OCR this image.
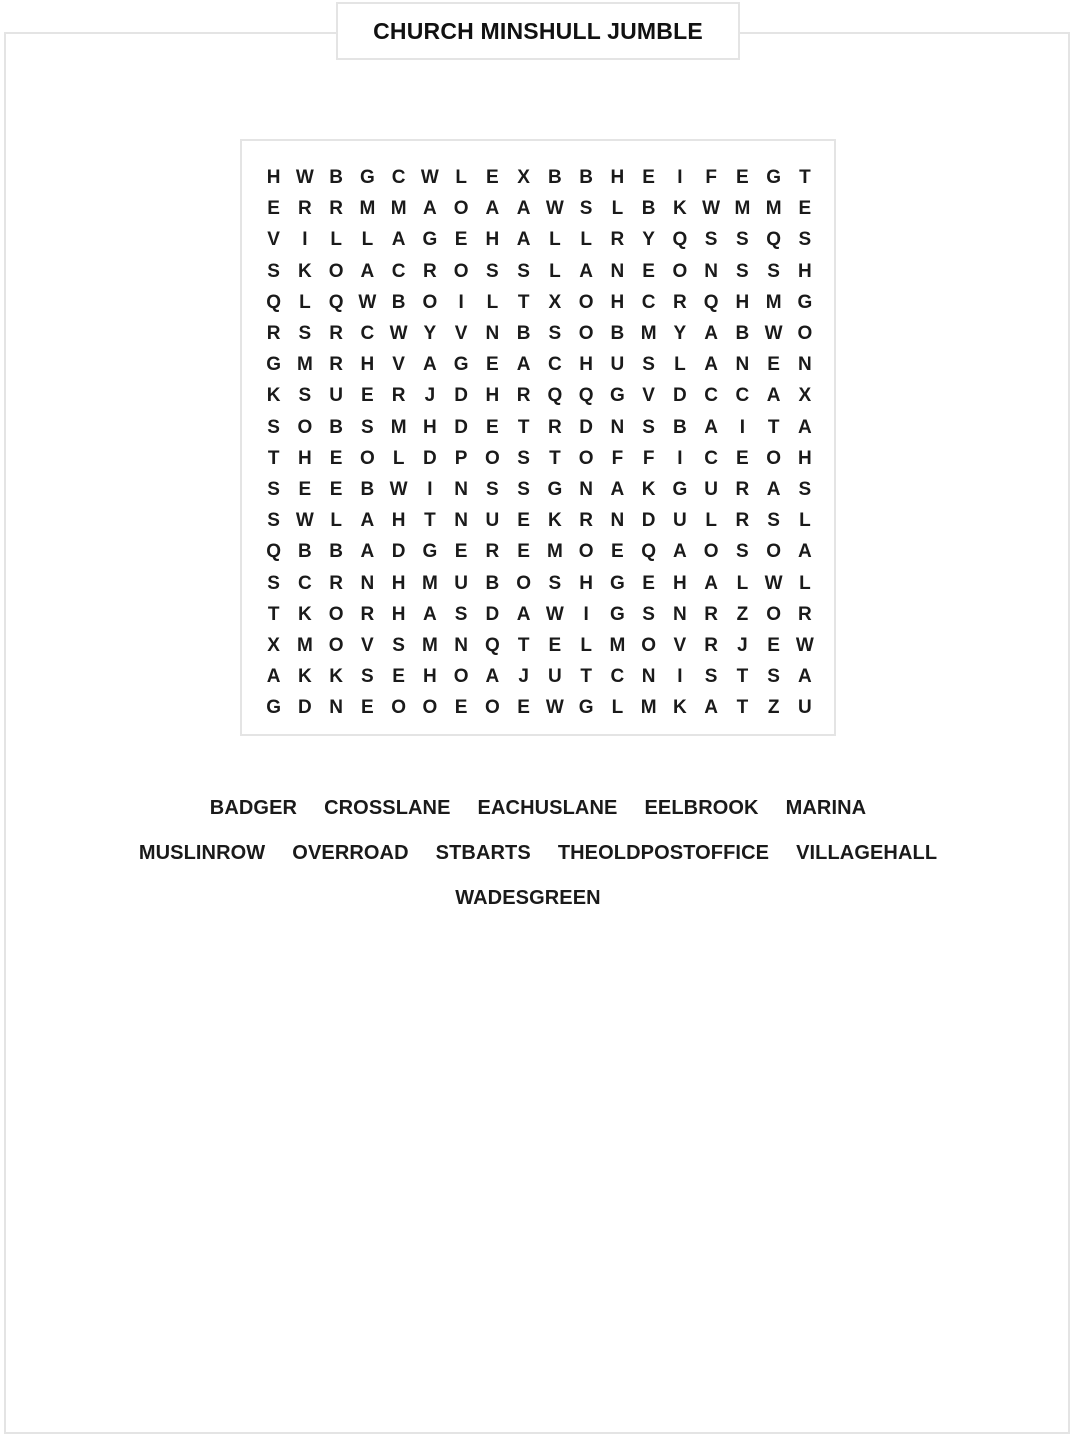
CHURCH MINSHULL JUMBLE
H W B G C W L	E X B B H E	I	F	E G T
E R R M M A O A A W S	L B K W M M E
V	I	L	L A G E H A L	L R Y Q S S Q S
S K O A C R O S S	L A N E O N S S H
Q L Q W B O	I	L	T	X O H C R Q H M G
R S R C W Y V N B S O B M Y A B W O
G M R H V A G E A C H U S	L A N E N
K S U E R	J	D H R Q Q G V D C C A X
S O B S M H D E	T R D N S B A	I	T A
T H E O L D P O S	T O F	F	I	C E O H
S E E B W	I	N S S G N A K G U R A S
S W L A H T N U E K R N D U L R S	L
Q B B A D G E R E M O E Q A O S O A
S C R N H M U B O S H G E H A L W L
T K O R H A S D A W	I	G S N R Z O R
X M O V S M N Q T	E	L M O V R	J	E W
A K K S E H O A	J	U T C N	I	S	T	S A
G D N E O O E O E W G L M K A T	Z U
BADGER CROSSLANE EACHUSLANE EELBROOK MARINA
MUSLINROW OVERROAD STBARTS THEOLDPOSTOFFICE VILLAGEHALL
WADESGREEN
